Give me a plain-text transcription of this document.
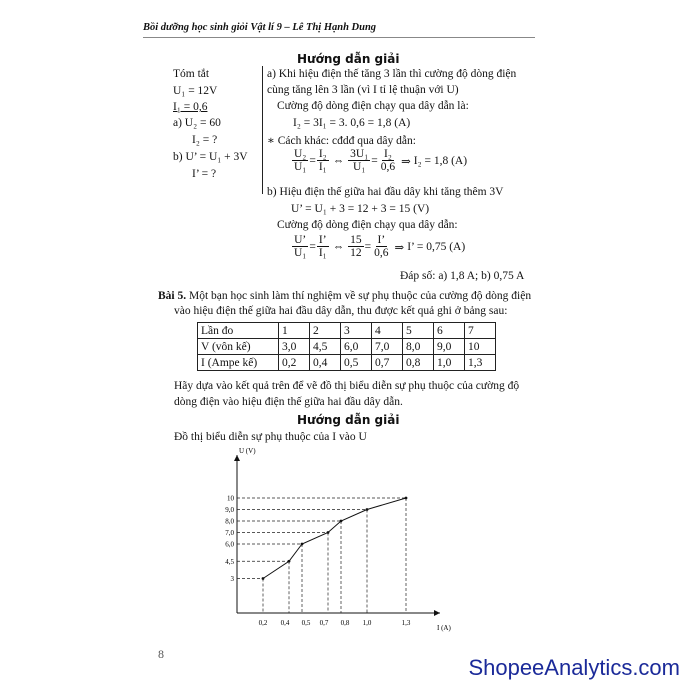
Bồi dưỡng học sinh giỏi Vật lí 9 – Lê Thị Hạnh Dung
Hướng dẫn giải
Tóm tắt
U₁ = 12V
I₁ = 0,6
a) U₂ = 60
I₂ = ?
b) U’ = U₁ + 3V
I’ = ?
a) Khi hiệu điện thế tăng 3 lần thì cường độ dòng điện
cùng tăng lên 3 lần (vì I tỉ lệ thuận với U)
Cường độ dòng điện chạy qua dây dẫn là:
I₂ = 3I₁ = 3. 0,6 = 1,8 (A)
∗ Cách khác: cđdđ qua dây dẫn:
$\frac{\text{U₂}}{\text{U₁}} = \frac{\text{I₂}}{\text{I₁}}$ ⇔ $\frac{\text{3U₁}}{\text{U₁}} = \frac{\text{I₂}}{0,6}$ ⇒ I₂ = 1,8 (A)
b) Hiệu điện thế giữa hai đầu dây khi tăng thêm 3V
U’ = U₁ + 3 = 12 + 3 = 15 (V)
Cường độ dòng điện chạy qua dây dẫn:
$\frac{U’}{\text{U₁}} = \frac{I’}{\text{I₁}}$ ⇔ $\frac{15}{12} = \frac{I’}{0,6}$ ⇒ I’ = 0,75 (A)
Đáp số: a) 1,8 A; b) 0,75 A
Bài 5. Một bạn học sinh làm thí nghiệm về sự phụ thuộc của cường độ dòng điện
vào hiệu điện thế giữa hai đầu dây dẫn, thu được kết quả ghi ở bảng sau:
Lần đo	1	2	3	4	5	6	7
V (vôn kế)	3,0	4,5	6,0	7,0	8,0	9,0	10
I (Ampe kế)	0,2	0,4	0,5	0,7	0,8	1,0	1,3
Hãy dựa vào kết quả trên để vẽ đồ thị biểu diễn sự phụ thuộc của cường độ
dòng điện vào hiệu điện thế giữa hai đầu dây dẫn.
Hướng dẫn giải
Đồ thị biểu diễn sự phụ thuộc của I vào U
U (V)
I (A)
0,2 0,4 0,5 0,7 0,8 1,0	1,3
3
4,5
6,0
7,0
8,0
9,0
10
8
ShopeeAnalytics.com
